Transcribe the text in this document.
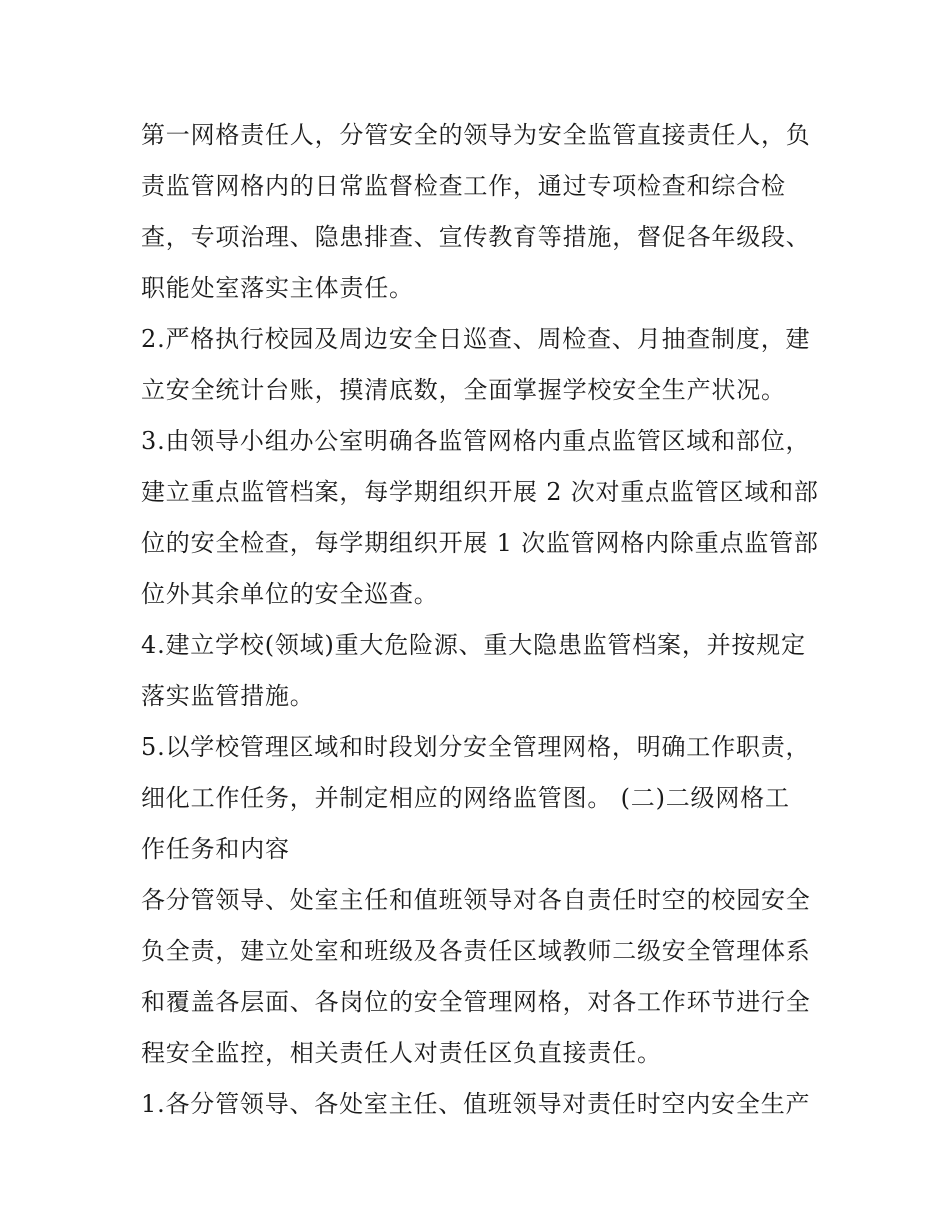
第一网格责任人，分管安全的领导为安全监管直接责任人，负
责监管网格内的日常监督检查工作，通过专项检查和综合检
查，专项治理、隐患排查、宣传教育等措施，督促各年级段、
职能处室落实主体责任。
2.严格执行校园及周边安全日巡查、周检查、月抽查制度，建
立安全统计台账，摸清底数，全面掌握学校安全生产状况。
3.由领导小组办公室明确各监管网格内重点监管区域和部位，
建立重点监管档案，每学期组织开展 2 次对重点监管区域和部
位的安全检查，每学期组织开展 1 次监管网格内除重点监管部
位外其余单位的安全巡查。
4.建立学校(领域)重大危险源、重大隐患监管档案，并按规定
落实监管措施。
5.以学校管理区域和时段划分安全管理网格，明确工作职责，
细化工作任务，并制定相应的网络监管图。 (二)二级网格工
作任务和内容
各分管领导、处室主任和值班领导对各自责任时空的校园安全
负全责，建立处室和班级及各责任区域教师二级安全管理体系
和覆盖各层面、各岗位的安全管理网格，对各工作环节进行全
程安全监控，相关责任人对责任区负直接责任。
1.各分管领导、各处室主任、值班领导对责任时空内安全生产
